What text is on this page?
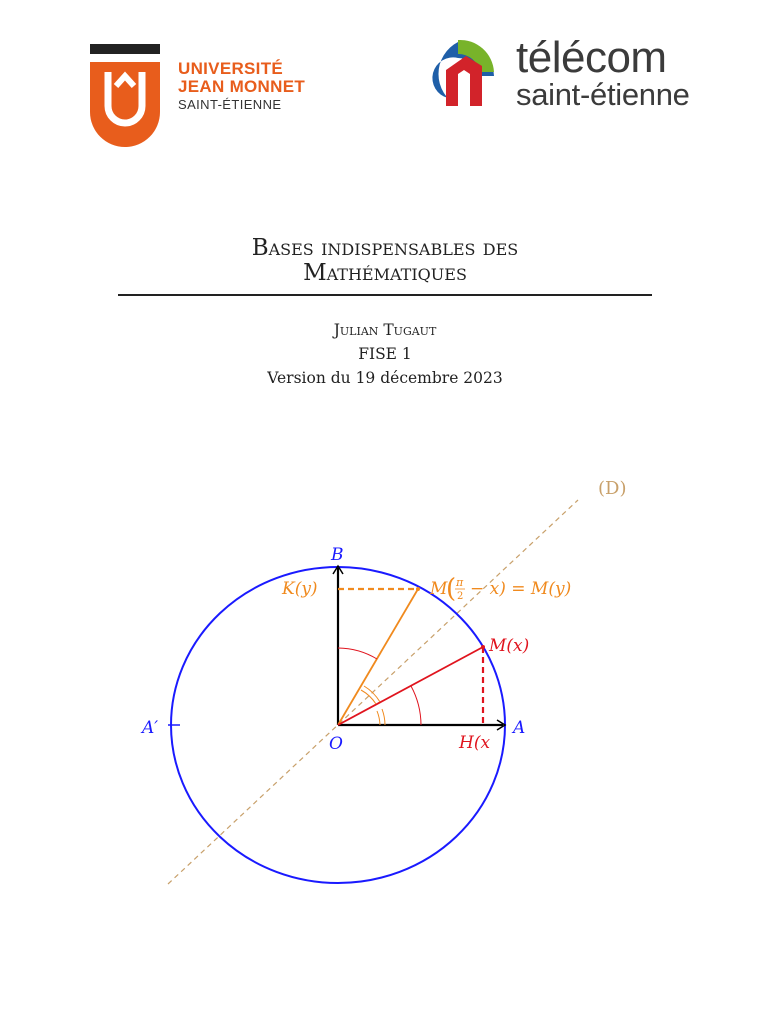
UNIVERSITÉ
JEAN MONNET
SAINT-ÉTIENNE
télécom
saint-étienne
Bases indispensables des
Mathématiques
Julian Tugaut
FISE 1
Version du 19 décembre 2023
(D)
B
A
A′
O
K(y)
H(x
M(x)
M
( π
2 − x) = M(y)
